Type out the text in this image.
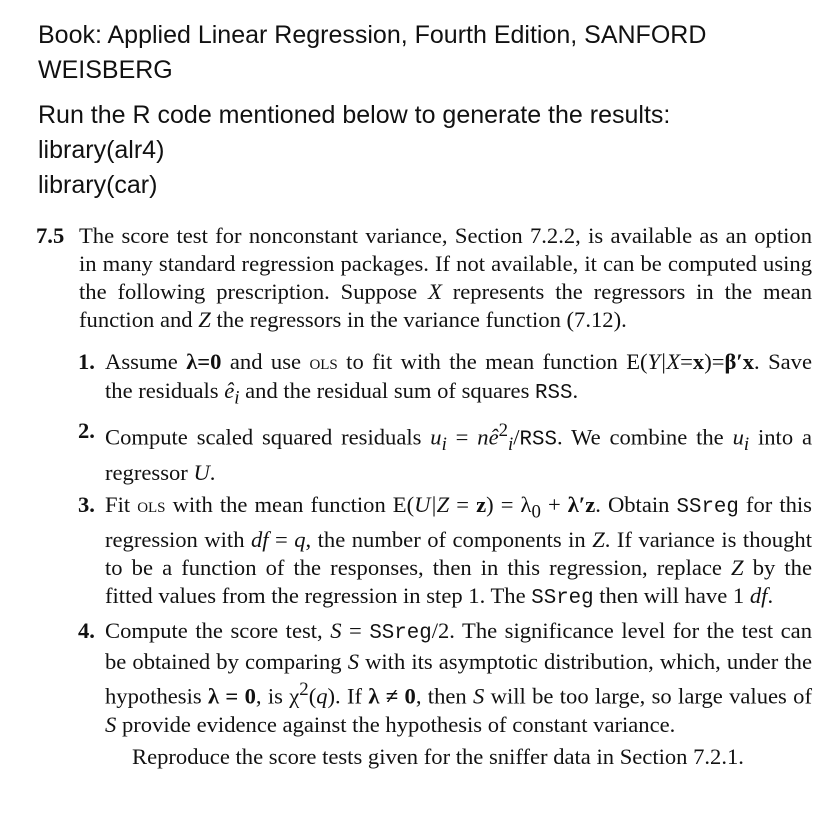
Book: Applied Linear Regression, Fourth Edition, SANFORD WEISBERG

Run the R code mentioned below to generate the results:

library(alr4)

library(car)

7.5 The score test for nonconstant variance, Section 7.2.2, is available as an option in many standard regression packages. If not available, it can be computed using the following prescription. Suppose X represents the regressors in the mean function and Z the regressors in the variance function (7.12).

1. Assume λ=0 and use ols to fit with the mean function E(Y|X=x)=β′x. Save the residuals $ê_i$ and the residual sum of squares RSS.
2. Compute scaled squared residuals $u_i$ = $nê^2_i$/RSS. We combine the $u_i$ into a regressor U.
3. Fit ols with the mean function $E(U|Z = z) = \lambda_0 + \lambda'z$. Obtain SSreg for this regression with df = q, the number of components in Z. If variance is thought to be a function of the responses, then in this regression, replace Z by the fitted values from the regression in step 1. The SSreg then will have 1 df.
4. Compute the score test, S = SSreg/2. The significance level for the test can be obtained by comparing S with its asymptotic distribution, which, under the hypothesis λ = 0, is $\chi^2(q)$. If λ ≠ 0, then S will be too large, so large values of S provide evidence against the hypothesis of constant variance.

Reproduce the score tests given for the sniffer data in Section 7.2.1.
